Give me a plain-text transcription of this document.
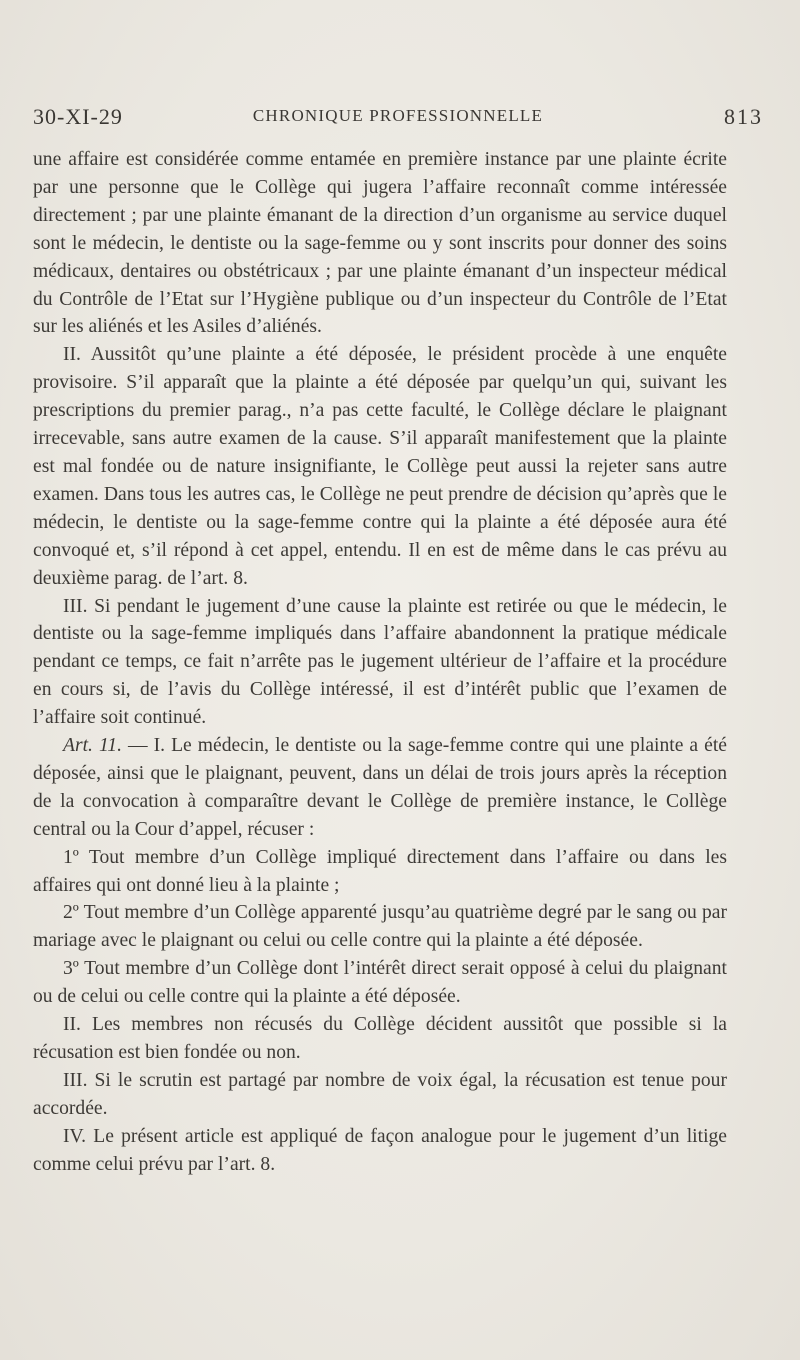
30-XI-29	CHRONIQUE PROFESSIONNELLE	813

une affaire est considérée comme entamée en première instance par une plainte écrite par une personne que le Collège qui jugera l’affaire reconnaît comme intéressée directement ; par une plainte émanant de la direction d’un organisme au service duquel sont le médecin, le dentiste ou la sage-femme ou y sont inscrits pour donner des soins médicaux, dentaires ou obstétricaux ; par une plainte émanant d’un inspecteur médical du Contrôle de l’Etat sur l’Hygiène publique ou d’un inspecteur du Contrôle de l’Etat sur les aliénés et les Asiles d’aliénés.

II. Aussitôt qu’une plainte a été déposée, le président procède à une enquête provisoire. S’il apparaît que la plainte a été déposée par quelqu’un qui, suivant les prescriptions du premier parag., n’a pas cette faculté, le Collège déclare le plaignant irrecevable, sans autre examen de la cause. S’il apparaît manifestement que la plainte est mal fondée ou de nature insignifiante, le Collège peut aussi la rejeter sans autre examen. Dans tous les autres cas, le Collège ne peut prendre de décision qu’après que le médecin, le dentiste ou la sage-femme contre qui la plainte a été déposée aura été convoqué et, s’il répond à cet appel, entendu. Il en est de même dans le cas prévu au deuxième parag. de l’art. 8.

III. Si pendant le jugement d’une cause la plainte est retirée ou que le médecin, le dentiste ou la sage-femme impliqués dans l’affaire abandonnent la pratique médicale pendant ce temps, ce fait n’arrête pas le jugement ultérieur de l’affaire et la procédure en cours si, de l’avis du Collège intéressé, il est d’intérêt public que l’examen de l’affaire soit continué.

Art. 11. — I. Le médecin, le dentiste ou la sage-femme contre qui une plainte a été déposée, ainsi que le plaignant, peuvent, dans un délai de trois jours après la réception de la convocation à comparaître devant le Collège de première instance, le Collège central ou la Cour d’appel, récuser :

1º Tout membre d’un Collège impliqué directement dans l’affaire ou dans les affaires qui ont donné lieu à la plainte ;

2º Tout membre d’un Collège apparenté jusqu’au quatrième degré par le sang ou par mariage avec le plaignant ou celui ou celle contre qui la plainte a été déposée.

3º Tout membre d’un Collège dont l’intérêt direct serait opposé à celui du plaignant ou de celui ou celle contre qui la plainte a été déposée.

II. Les membres non récusés du Collège décident aussitôt que possible si la récusation est bien fondée ou non.

III. Si le scrutin est partagé par nombre de voix égal, la récusation est tenue pour accordée.

IV. Le présent article est appliqué de façon analogue pour le jugement d’un litige comme celui prévu par l’art. 8.
